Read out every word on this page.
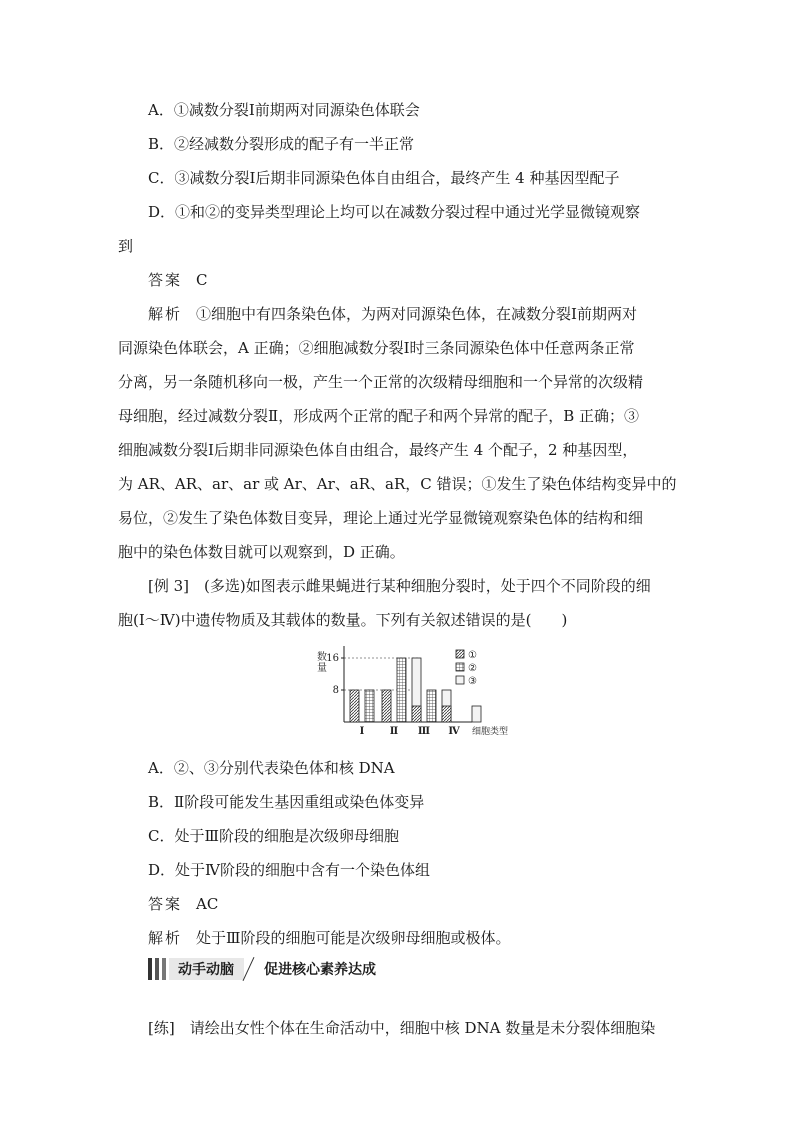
A．①减数分裂Ⅰ前期两对同源染色体联会
B．②经减数分裂形成的配子有一半正常
C．③减数分裂Ⅰ后期非同源染色体自由组合，最终产生 4 种基因型配子
D．①和②的变异类型理论上均可以在减数分裂过程中通过光学显微镜观察
到
答案 C
解析 ①细胞中有四条染色体，为两对同源染色体，在减数分裂Ⅰ前期两对
同源染色体联会，A 正确；②细胞减数分裂Ⅰ时三条同源染色体中任意两条正常
分离，另一条随机移向一极，产生一个正常的次级精母细胞和一个异常的次级精
母细胞，经过减数分裂Ⅱ，形成两个正常的配子和两个异常的配子，B 正确；③
细胞减数分裂Ⅰ后期非同源染色体自由组合，最终产生 4 个配子，2 种基因型，
为 AR、AR、ar、ar 或 Ar、Ar、aR、aR，C 错误；①发生了染色体结构变异中的
易位，②发生了染色体数目变异，理论上通过光学显微镜观察染色体的结构和细
胞中的染色体数目就可以观察到，D 正确。
[例 3]　(多选)如图表示雌果蝇进行某种细胞分裂时，处于四个不同阶段的细
胞(Ⅰ～Ⅳ)中遗传物质及其载体的数量。下列有关叙述错误的是(　　)
数量
8
16
Ⅰ	Ⅱ Ⅲ Ⅳ 细胞类型
①
②
③
A．②、③分别代表染色体和核 DNA
B．Ⅱ阶段可能发生基因重组或染色体变异
C．处于Ⅲ阶段的细胞是次级卵母细胞
D．处于Ⅳ阶段的细胞中含有一个染色体组
答案 AC
解析 处于Ⅲ阶段的细胞可能是次级卵母细胞或极体。
动手动脑 促进核心素养达成
[练]　请绘出女性个体在生命活动中，细胞中核 DNA 数量是未分裂体细胞染
